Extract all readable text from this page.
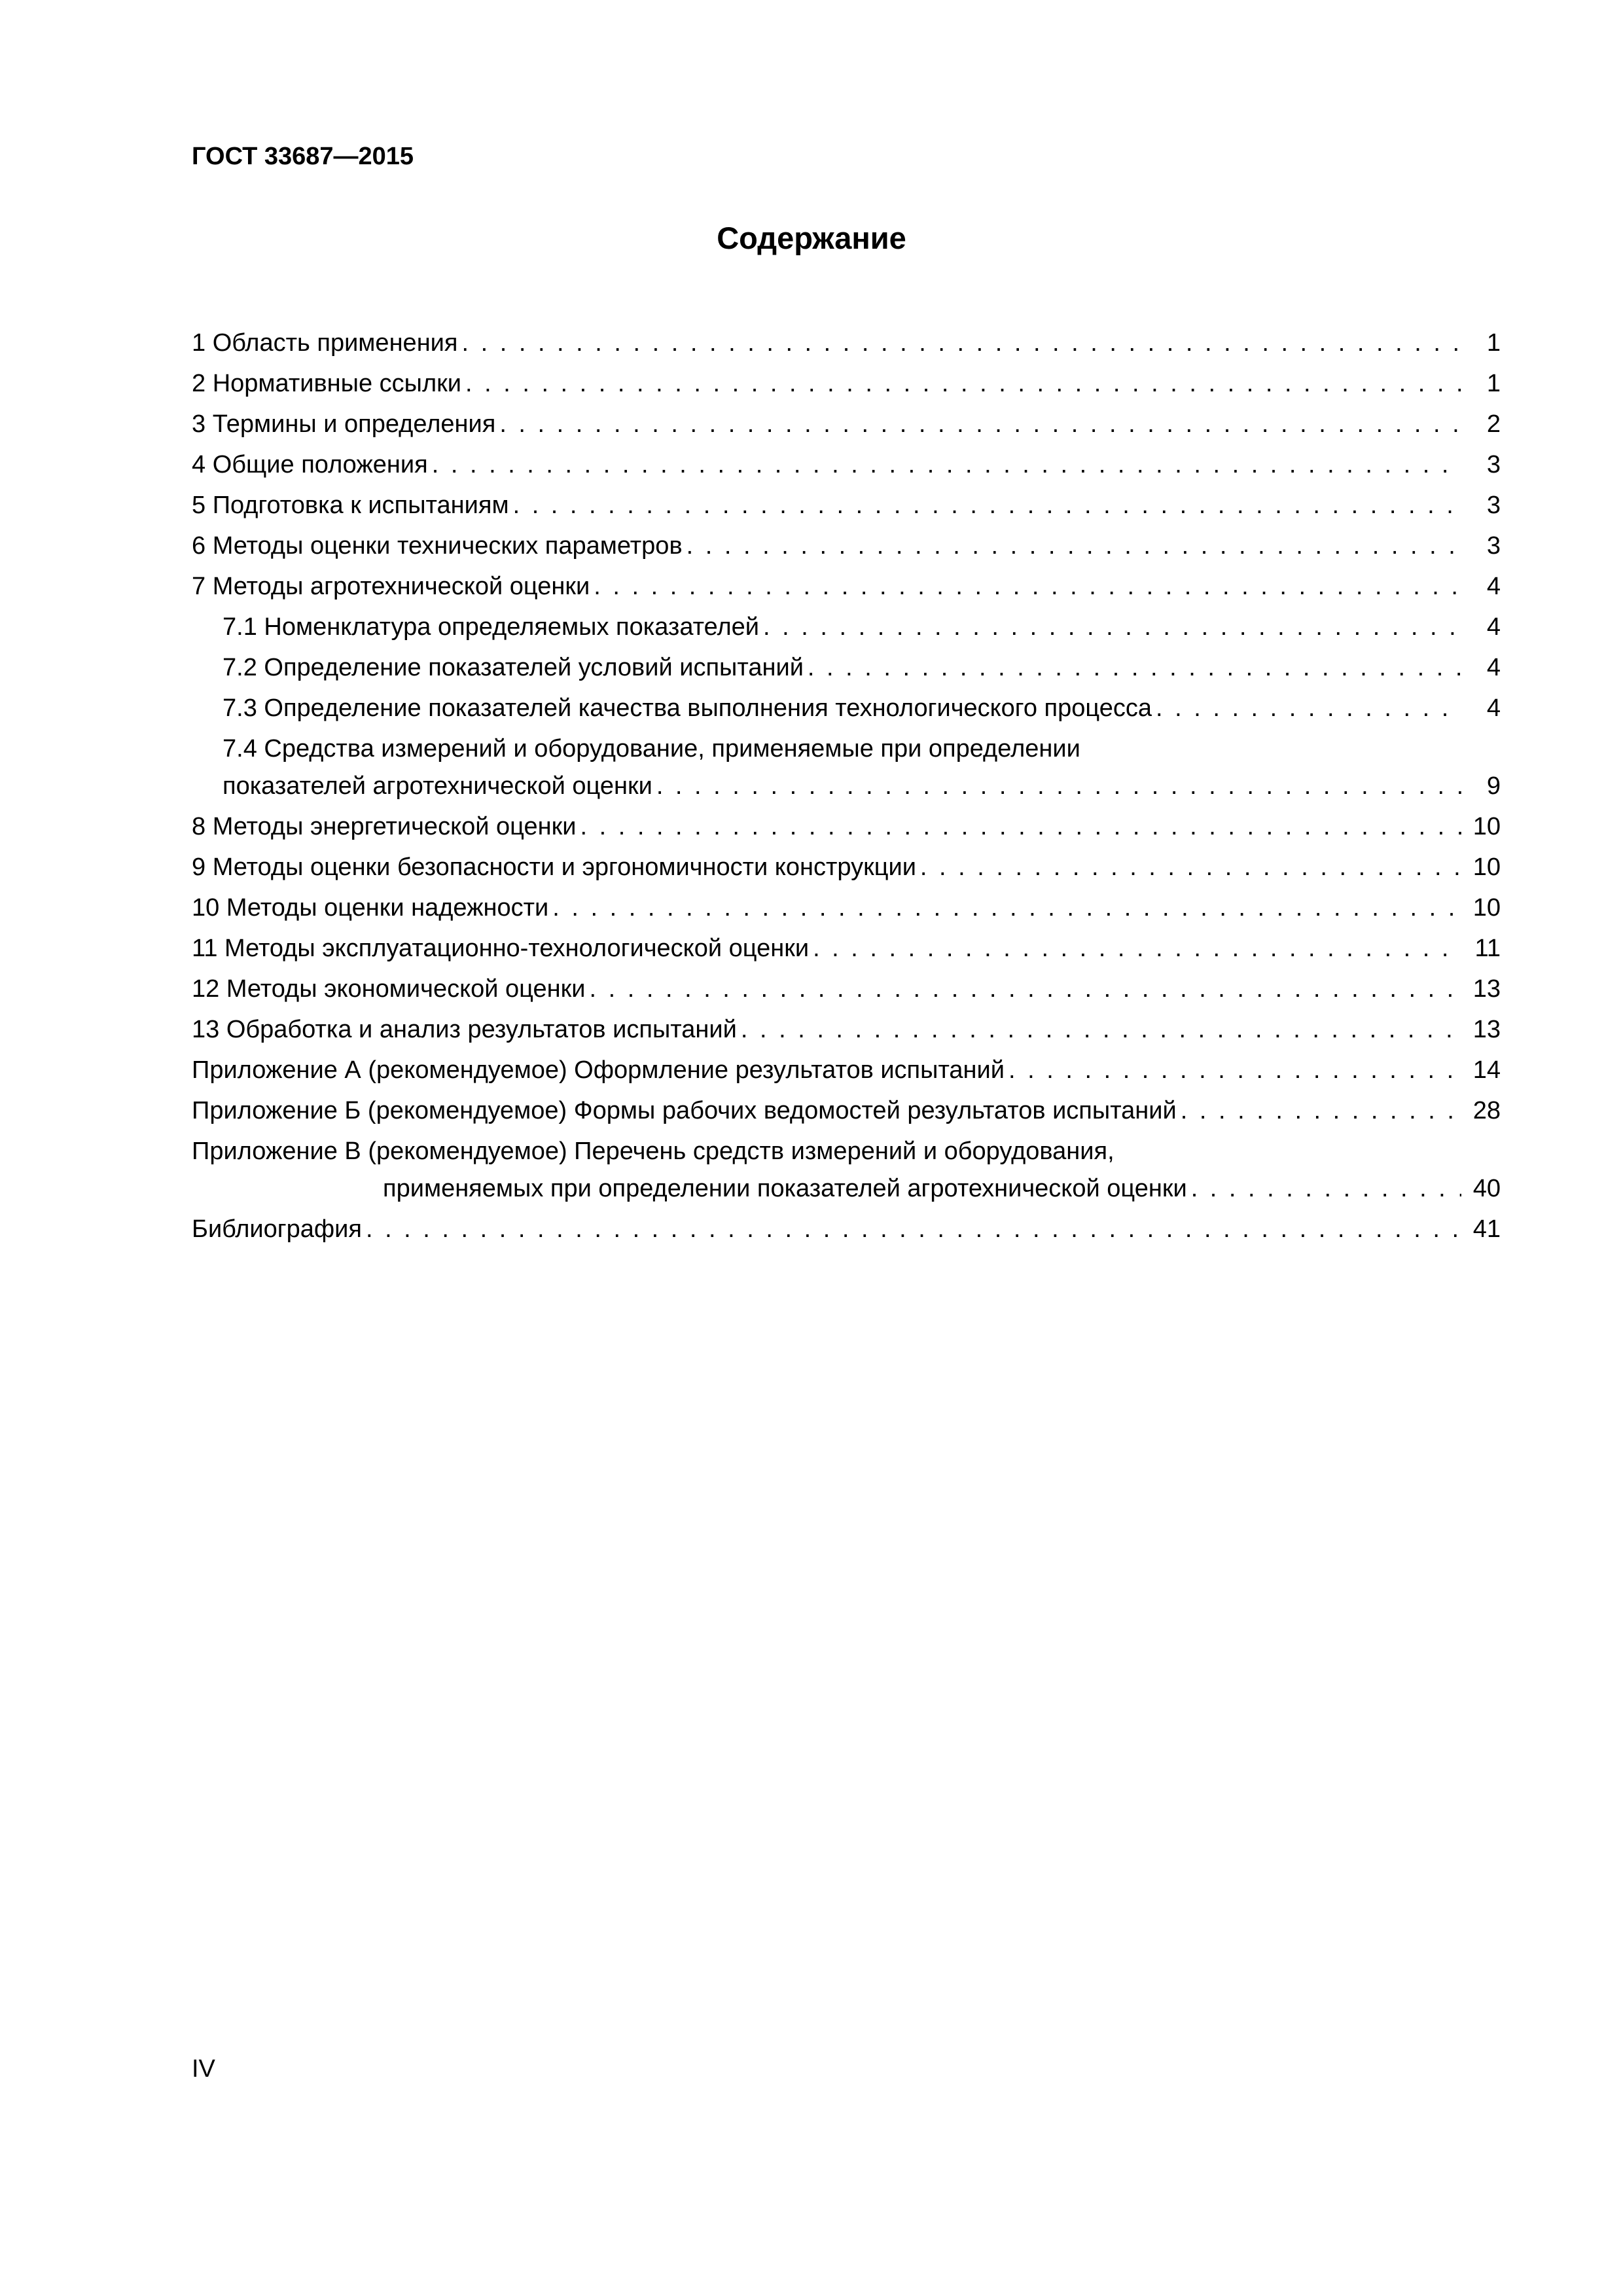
ГОСТ 33687—2015
Содержание
1 Область применения . . .	1
2 Нормативные ссылки . . .	1
3 Термины и определения . . .	2
4 Общие положения . . .	3
5 Подготовка к испытаниям . . .	3
6 Методы оценки технических параметров . . .	3
7 Методы агротехнической оценки . . .	4
7.1 Номенклатура определяемых показателей . . .	4
7.2 Определение показателей условий испытаний . . .	4
7.3 Определение показателей качества выполнения технологического процесса . . .	4
7.4 Средства измерений и оборудование, применяемые при определении
показателей агротехнической оценки . . .	9
8 Методы энергетической оценки . . .	10
9 Методы оценки безопасности и эргономичности конструкции . . .	10
10 Методы оценки надежности . . .	10
11 Методы эксплуатационно-технологической оценки . . .	11
12 Методы экономической оценки . . .	13
13 Обработка и анализ результатов испытаний . . .	13
Приложение А (рекомендуемое) Оформление результатов испытаний . . .	14
Приложение Б (рекомендуемое) Формы рабочих ведомостей результатов испытаний . . .	28
Приложение В (рекомендуемое) Перечень средств измерений и оборудования,
применяемых при определении показателей агротехнической оценки . . .	40
Библиография . . .	41
IV
